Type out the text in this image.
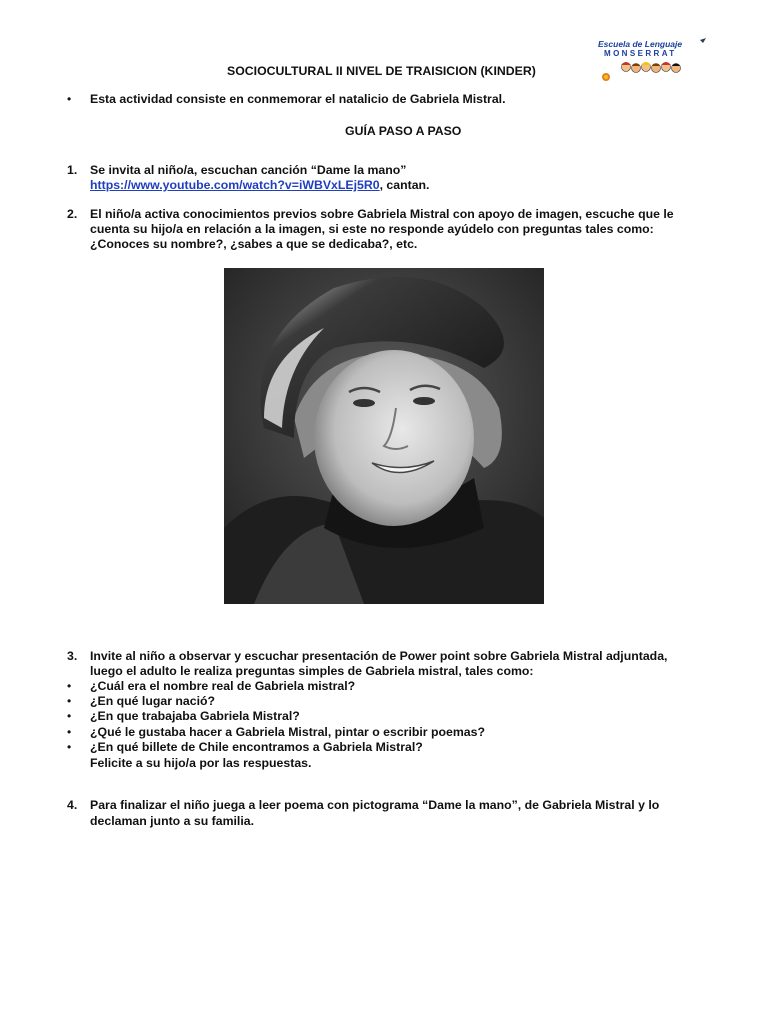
Escuela de Lenguaje
MONSERRAT
SOCIOCULTURAL II NIVEL DE TRAISICION (KINDER)
• Esta actividad consiste en conmemorar el natalicio de Gabriela Mistral.
GUÍA PASO A PASO
1. Se invita al niño/a, escuchan canción “Dame la mano”
https://www.youtube.com/watch?v=iWBVxLEj5R0, cantan.
2. El niño/a activa conocimientos previos sobre Gabriela Mistral con apoyo de imagen, escuche que le
cuenta su hijo/a en relación a la imagen, si este no responde ayúdelo con preguntas tales como:
¿Conoces su nombre?, ¿sabes a que se dedicaba?, etc.
3. Invite al niño a observar y escuchar presentación de Power point sobre Gabriela Mistral adjuntada,
luego el adulto le realiza preguntas simples de Gabriela mistral, tales como:
• ¿Cuál era el nombre real de Gabriela mistral?
• ¿En qué lugar nació?
• ¿En que trabajaba Gabriela Mistral?
• ¿Qué le gustaba hacer a Gabriela Mistral, pintar o escribir poemas?
• ¿En qué billete de Chile encontramos a Gabriela Mistral?
Felicite a su hijo/a por las respuestas.
4. Para finalizar el niño juega a leer poema con pictograma “Dame la mano”, de Gabriela Mistral y lo
declaman junto a su familia.
